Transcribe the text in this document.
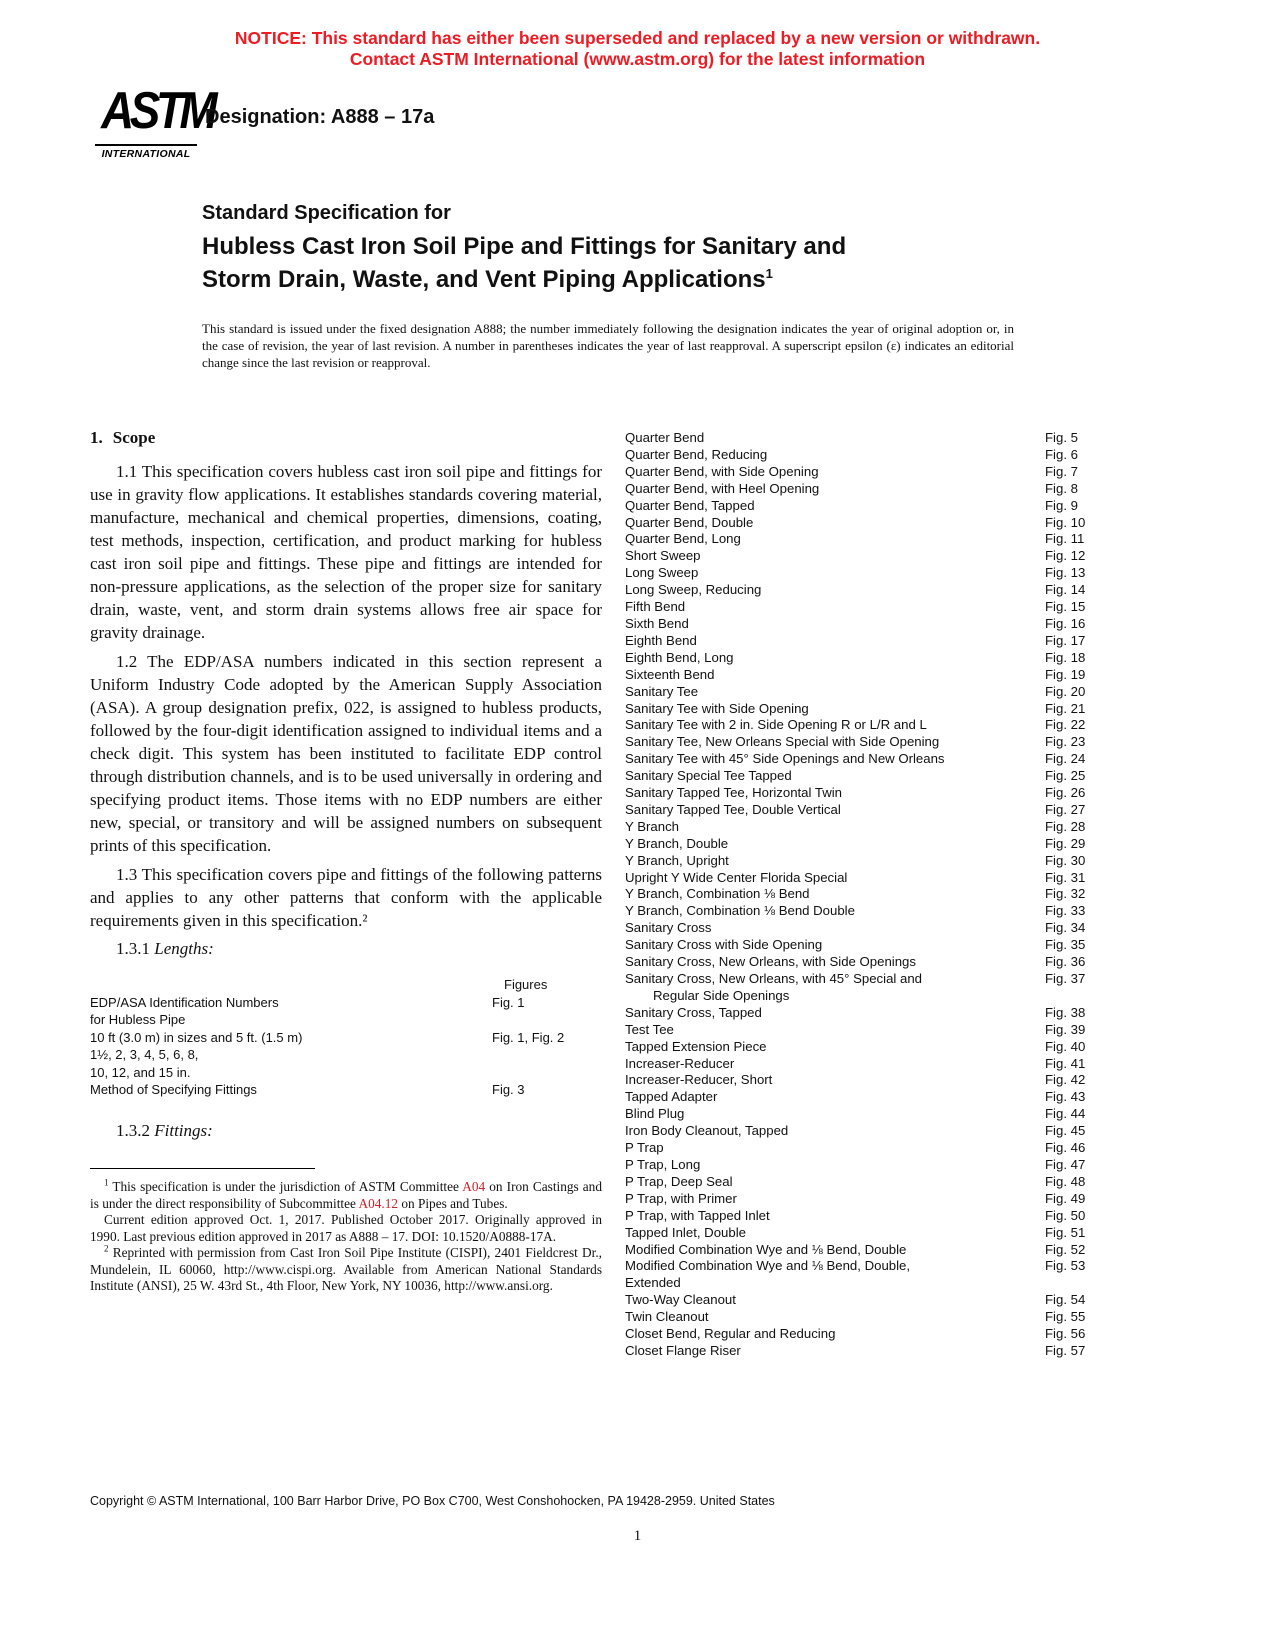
NOTICE: This standard has either been superseded and replaced by a new version or withdrawn.
Contact ASTM International (www.astm.org) for the latest information
ASTM
INTERNATIONAL
Designation: A888 – 17a
Standard Specification for
Hubless Cast Iron Soil Pipe and Fittings for Sanitary and
Storm Drain, Waste, and Vent Piping Applications$^1$
This standard is issued under the fixed designation A888; the number immediately following the designation indicates the year of original adoption or, in the case of revision, the year of last revision. A number in parentheses indicates the year of last reapproval. A superscript epsilon (ε) indicates an editorial change since the last revision or reapproval.
1. Scope

1.1 This specification covers hubless cast iron soil pipe and fittings for use in gravity flow applications. It establishes standards covering material, manufacture, mechanical and chemical properties, dimensions, coating, test methods, inspection, certification, and product marking for hubless cast iron soil pipe and fittings. These pipe and fittings are intended for non-pressure applications, as the selection of the proper size for sanitary drain, waste, vent, and storm drain systems allows free air space for gravity drainage.

1.2 The EDP/ASA numbers indicated in this section represent a Uniform Industry Code adopted by the American Supply Association (ASA). A group designation prefix, 022, is assigned to hubless products, followed by the four-digit identification assigned to individual items and a check digit. This system has been instituted to facilitate EDP control through distribution channels, and is to be used universally in ordering and specifying product items. Those items with no EDP numbers are either new, special, or transitory and will be assigned numbers on subsequent prints of this specification.

1.3 This specification covers pipe and fittings of the following patterns and applies to any other patterns that conform with the applicable requirements given in this specification.²

1.3.1 Lengths:
Figures
EDP/ASA Identification Numbers	Fig. 1
for Hubless Pipe
10 ft (3.0 m) in sizes and 5 ft. (1.5 m)	Fig. 1, Fig. 2
1½, 2, 3, 4, 5, 6, 8,
10, 12, and 15 in.
Method of Specifying Fittings	Fig. 3
1.3.2 Fittings:
Quarter Bend	Fig. 5
Quarter Bend, Reducing	Fig. 6
Quarter Bend, with Side Opening	Fig. 7
Quarter Bend, with Heel Opening	Fig. 8
Quarter Bend, Tapped	Fig. 9
Quarter Bend, Double	Fig. 10
Quarter Bend, Long	Fig. 11
Short Sweep	Fig. 12
Long Sweep	Fig. 13
Long Sweep, Reducing	Fig. 14
Fifth Bend	Fig. 15
Sixth Bend	Fig. 16
Eighth Bend	Fig. 17
Eighth Bend, Long	Fig. 18
Sixteenth Bend	Fig. 19
Sanitary Tee	Fig. 20
Sanitary Tee with Side Opening	Fig. 21
Sanitary Tee with 2 in. Side Opening R or L/R and L	Fig. 22
Sanitary Tee, New Orleans Special with Side Opening	Fig. 23
Sanitary Tee with 45° Side Openings and New Orleans	Fig. 24
Sanitary Special Tee Tapped	Fig. 25
Sanitary Tapped Tee, Horizontal Twin	Fig. 26
Sanitary Tapped Tee, Double Vertical	Fig. 27
Y Branch	Fig. 28
Y Branch, Double	Fig. 29
Y Branch, Upright	Fig. 30
Upright Y Wide Center Florida Special	Fig. 31
Y Branch, Combination ⅛ Bend	Fig. 32
Y Branch, Combination ⅛ Bend Double	Fig. 33
Sanitary Cross	Fig. 34
Sanitary Cross with Side Opening	Fig. 35
Sanitary Cross, New Orleans, with Side Openings	Fig. 36
Sanitary Cross, New Orleans, with 45° Special and	Fig. 37
Regular Side Openings
Sanitary Cross, Tapped	Fig. 38
Test Tee	Fig. 39
Tapped Extension Piece	Fig. 40
Increaser-Reducer	Fig. 41
Increaser-Reducer, Short	Fig. 42
Tapped Adapter	Fig. 43
Blind Plug	Fig. 44
Iron Body Cleanout, Tapped	Fig. 45
P Trap	Fig. 46
P Trap, Long	Fig. 47
P Trap, Deep Seal	Fig. 48
P Trap, with Primer	Fig. 49
P Trap, with Tapped Inlet	Fig. 50
Tapped Inlet, Double	Fig. 51
Modified Combination Wye and ⅛ Bend, Double	Fig. 52
Modified Combination Wye and ⅛ Bend, Double,	Fig. 53
Extended
Two-Way Cleanout	Fig. 54
Twin Cleanout	Fig. 55
Closet Bend, Regular and Reducing	Fig. 56
Closet Flange Riser	Fig. 57

$^1$ This specification is under the jurisdiction of ASTM Committee A04 on Iron Castings and is under the direct responsibility of Subcommittee A04.12 on Pipes and Tubes.

Current edition approved Oct. 1, 2017. Published October 2017. Originally approved in 1990. Last previous edition approved in 2017 as A888 – 17. DOI: 10.1520/A0888-17A.

$^2$ Reprinted with permission from Cast Iron Soil Pipe Institute (CISPI), 2401 Fieldcrest Dr., Mundelein, IL 60060, http://www.cispi.org. Available from American National Standards Institute (ANSI), 25 W. 43rd St., 4th Floor, New York, NY 10036, http://www.ansi.org.

Copyright © ASTM International, 100 Barr Harbor Drive, PO Box C700, West Conshohocken, PA 19428-2959. United States
1
